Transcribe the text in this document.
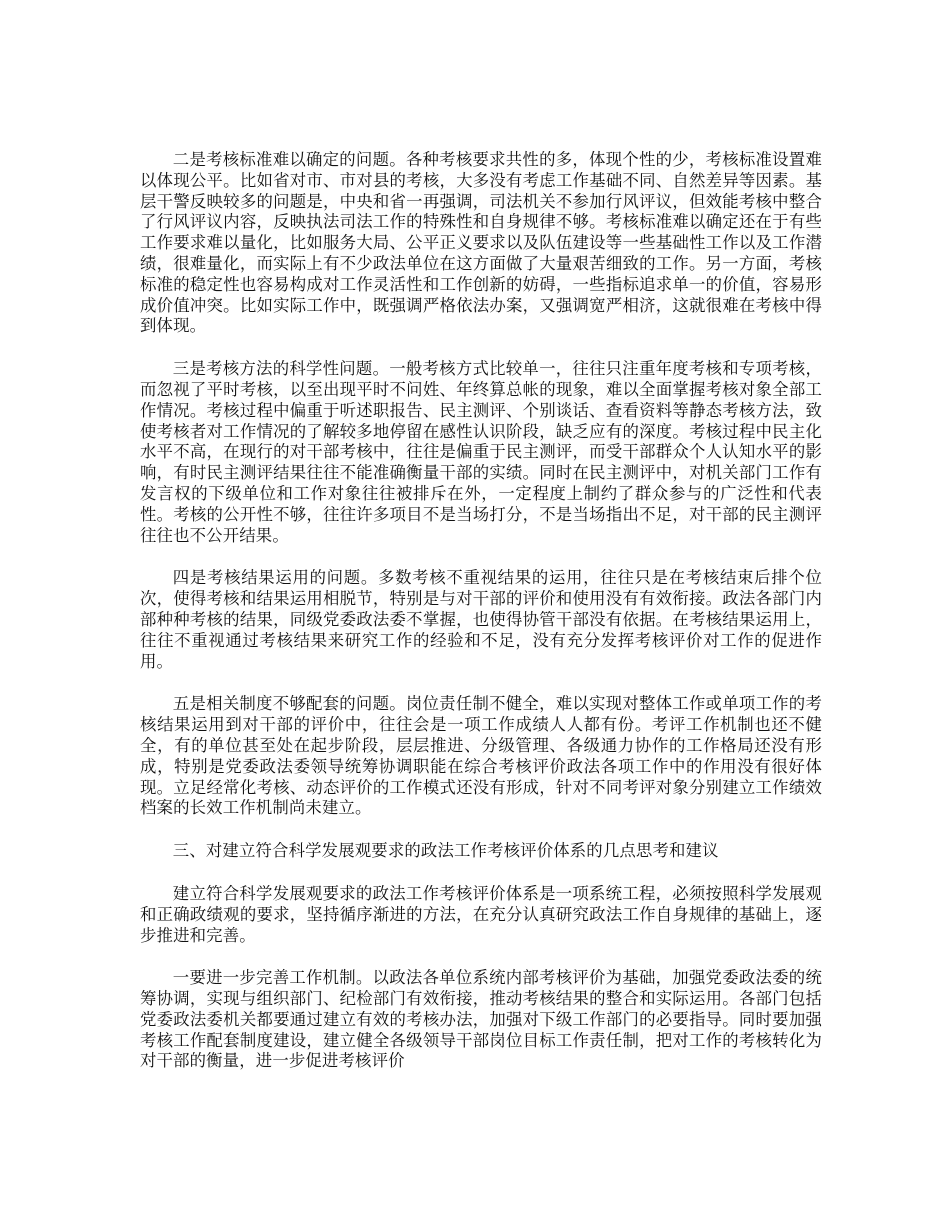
二是考核标准难以确定的问题。各种考核要求共性的多，体现个性的少，考核标准设置难以体现公平。比如省对市、市对县的考核，大多没有考虑工作基础不同、自然差异等因素。基层干警反映较多的问题是，中央和省一再强调，司法机关不参加行风评议，但效能考核中整合了行风评议内容，反映执法司法工作的特殊性和自身规律不够。考核标准难以确定还在于有些工作要求难以量化，比如服务大局、公平正义要求以及队伍建设等一些基础性工作以及工作潜绩，很难量化，而实际上有不少政法单位在这方面做了大量艰苦细致的工作。另一方面，考核标准的稳定性也容易构成对工作灵活性和工作创新的妨碍，一些指标追求单一的价值，容易形成价值冲突。比如实际工作中，既强调严格依法办案，又强调宽严相济，这就很难在考核中得到体现。

三是考核方法的科学性问题。一般考核方式比较单一，往往只注重年度考核和专项考核，而忽视了平时考核，以至出现平时不问姓、年终算总帐的现象，难以全面掌握考核对象全部工作情况。考核过程中偏重于听述职报告、民主测评、个别谈话、查看资料等静态考核方法，致使考核者对工作情况的了解较多地停留在感性认识阶段，缺乏应有的深度。考核过程中民主化水平不高，在现行的对干部考核中，往往是偏重于民主测评，而受干部群众个人认知水平的影响，有时民主测评结果往往不能准确衡量干部的实绩。同时在民主测评中，对机关部门工作有发言权的下级单位和工作对象往往被排斥在外，一定程度上制约了群众参与的广泛性和代表性。考核的公开性不够，往往许多项目不是当场打分，不是当场指出不足，对干部的民主测评往往也不公开结果。

四是考核结果运用的问题。多数考核不重视结果的运用，往往只是在考核结束后排个位次，使得考核和结果运用相脱节，特别是与对干部的评价和使用没有有效衔接。政法各部门内部种种考核的结果，同级党委政法委不掌握，也使得协管干部没有依据。在考核结果运用上，往往不重视通过考核结果来研究工作的经验和不足，没有充分发挥考核评价对工作的促进作用。

五是相关制度不够配套的问题。岗位责任制不健全，难以实现对整体工作或单项工作的考核结果运用到对干部的评价中，往往会是一项工作成绩人人都有份。考评工作机制也还不健全，有的单位甚至处在起步阶段，层层推进、分级管理、各级通力协作的工作格局还没有形成，特别是党委政法委领导统筹协调职能在综合考核评价政法各项工作中的作用没有很好体现。立足经常化考核、动态评价的工作模式还没有形成，针对不同考评对象分别建立工作绩效档案的长效工作机制尚未建立。

三、对建立符合科学发展观要求的政法工作考核评价体系的几点思考和建议

建立符合科学发展观要求的政法工作考核评价体系是一项系统工程，必须按照科学发展观和正确政绩观的要求，坚持循序渐进的方法，在充分认真研究政法工作自身规律的基础上，逐步推进和完善。

一要进一步完善工作机制。以政法各单位系统内部考核评价为基础，加强党委政法委的统筹协调，实现与组织部门、纪检部门有效衔接，推动考核结果的整合和实际运用。各部门包括党委政法委机关都要通过建立有效的考核办法，加强对下级工作部门的必要指导。同时要加强考核工作配套制度建设，建立健全各级领导干部岗位目标工作责任制，把对工作的考核转化为对干部的衡量，进一步促进考核评价
